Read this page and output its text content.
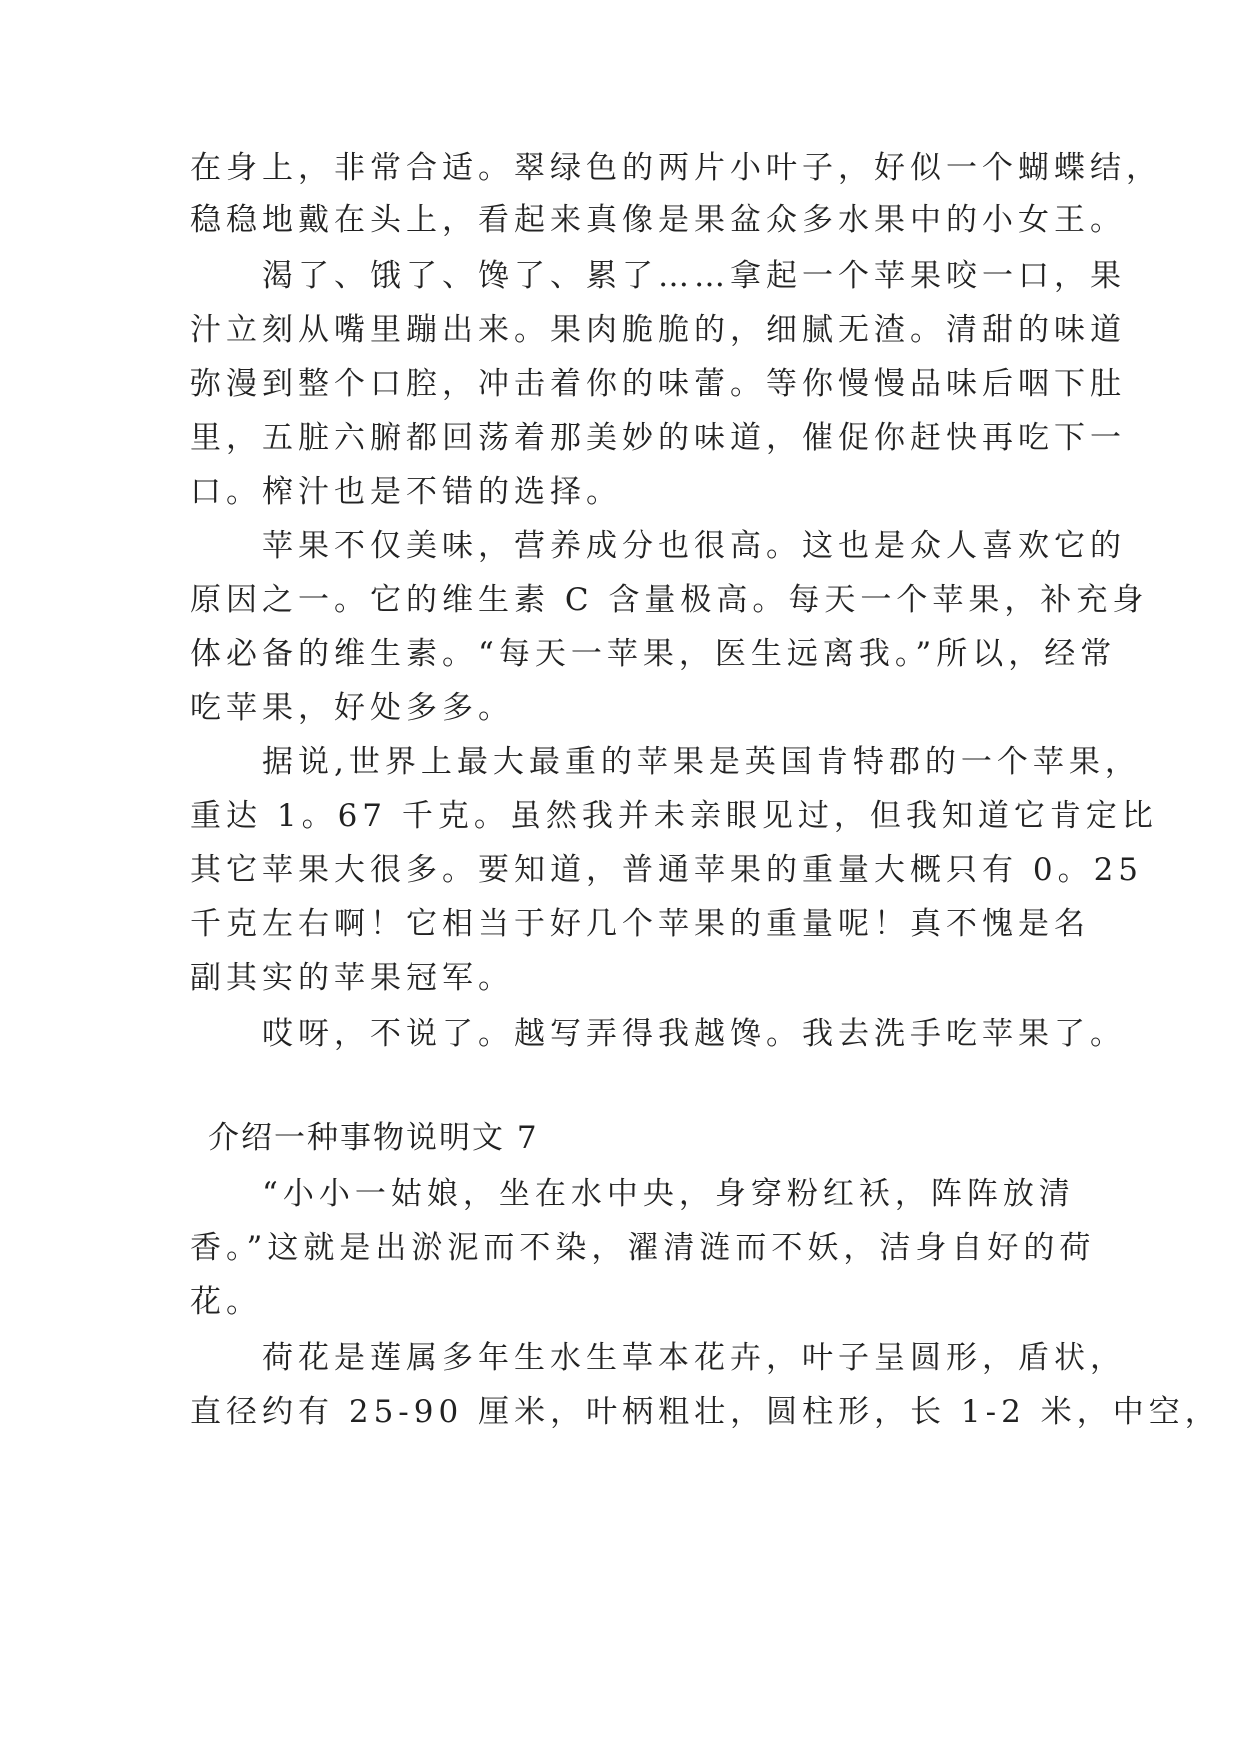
在身上，非常合适。翠绿色的两片小叶子，好似一个蝴蝶结，

稳稳地戴在头上，看起来真像是果盆众多水果中的小女王。

　　渴了、饿了、馋了、累了……拿起一个苹果咬一口，果

汁立刻从嘴里蹦出来。果肉脆脆的，细腻无渣。清甜的味道

弥漫到整个口腔，冲击着你的味蕾。等你慢慢品味后咽下肚

里，五脏六腑都回荡着那美妙的味道，催促你赶快再吃下一

口。榨汁也是不错的选择。

　　苹果不仅美味，营养成分也很高。这也是众人喜欢它的

原因之一。它的维生素 C 含量极高。每天一个苹果，补充身

体必备的维生素。“每天一苹果，医生远离我。”所以，经常

吃苹果，好处多多。

　　据说,世界上最大最重的苹果是英国肯特郡的一个苹果，

重达 1。67 千克。虽然我并未亲眼见过，但我知道它肯定比

其它苹果大很多。要知道，普通苹果的重量大概只有 0。25

千克左右啊！它相当于好几个苹果的重量呢！真不愧是名

副其实的苹果冠军。

　　哎呀，不说了。越写弄得我越馋。我去洗手吃苹果了。

介绍一种事物说明文 7

　　“小小一姑娘，坐在水中央，身穿粉红袄，阵阵放清

香。”这就是出淤泥而不染，濯清涟而不妖，洁身自好的荷

花。

　　荷花是莲属多年生水生草本花卉，叶子呈圆形，盾状，

直径约有 25-90 厘米，叶柄粗壮，圆柱形，长 1-2 米，中空，
